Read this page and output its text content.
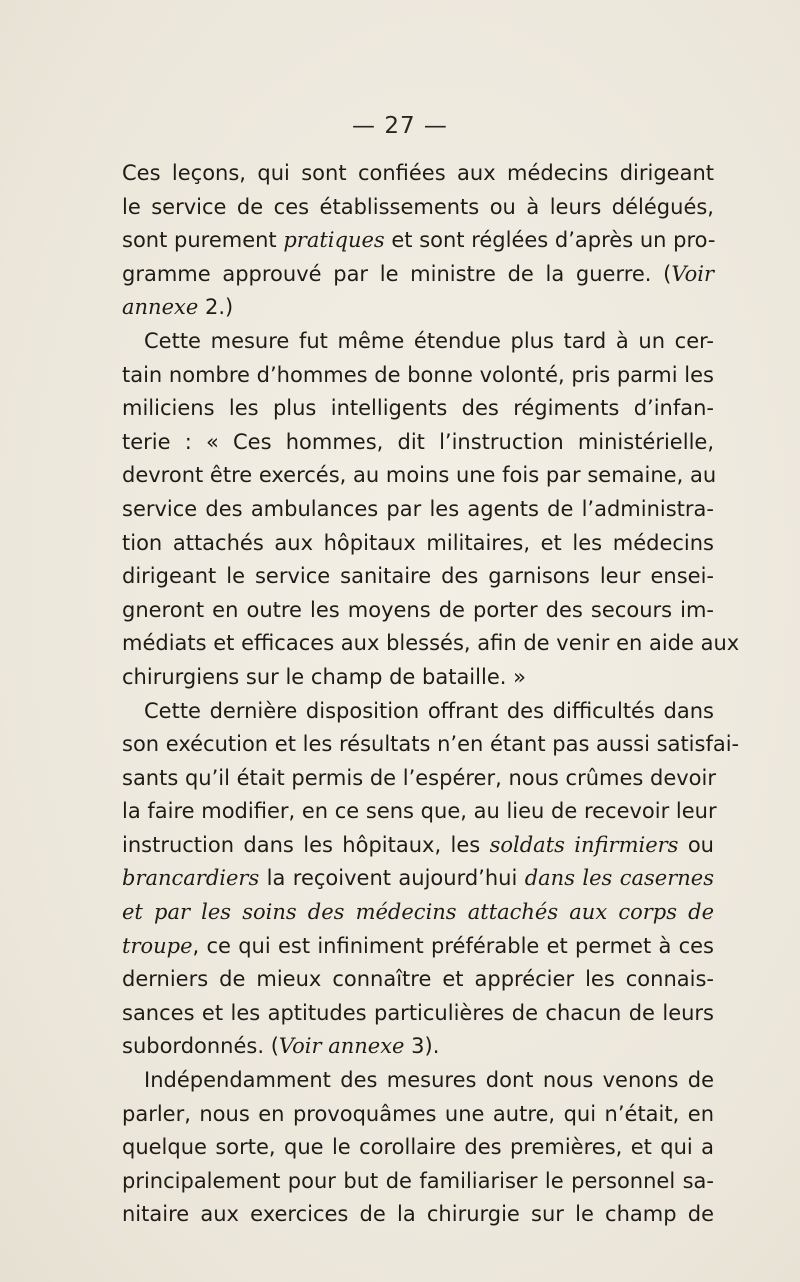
— 27 —
Ces leçons, qui sont confiées aux médecins dirigeant
le service de ces établissements ou à leurs délégués,
sont purement pratiques et sont réglées d’après un pro-
gramme approuvé par le ministre de la guerre. (Voir
annexe 2.)
Cette mesure fut même étendue plus tard à un cer-
tain nombre d’hommes de bonne volonté, pris parmi les
miliciens les plus intelligents des régiments d’infan-
terie : « Ces hommes, dit l’instruction ministérielle,
devront être exercés, au moins une fois par semaine, au
service des ambulances par les agents de l’administra-
tion attachés aux hôpitaux militaires, et les médecins
dirigeant le service sanitaire des garnisons leur ensei-
gneront en outre les moyens de porter des secours im-
médiats et efficaces aux blessés, afin de venir en aide aux
chirurgiens sur le champ de bataille. »
Cette dernière disposition offrant des difficultés dans
son exécution et les résultats n’en étant pas aussi satisfai-
sants qu’il était permis de l’espérer, nous crûmes devoir
la faire modifier, en ce sens que, au lieu de recevoir leur
instruction dans les hôpitaux, les soldats infirmiers ou
brancardiers la reçoivent aujourd’hui dans les casernes
et par les soins des médecins attachés aux corps de
troupe, ce qui est infiniment préférable et permet à ces
derniers de mieux connaître et apprécier les connais-
sances et les aptitudes particulières de chacun de leurs
subordonnés. (Voir annexe 3).
Indépendamment des mesures dont nous venons de
parler, nous en provoquâmes une autre, qui n’était, en
quelque sorte, que le corollaire des premières, et qui a
principalement pour but de familiariser le personnel sa-
nitaire aux exercices de la chirurgie sur le champ de
